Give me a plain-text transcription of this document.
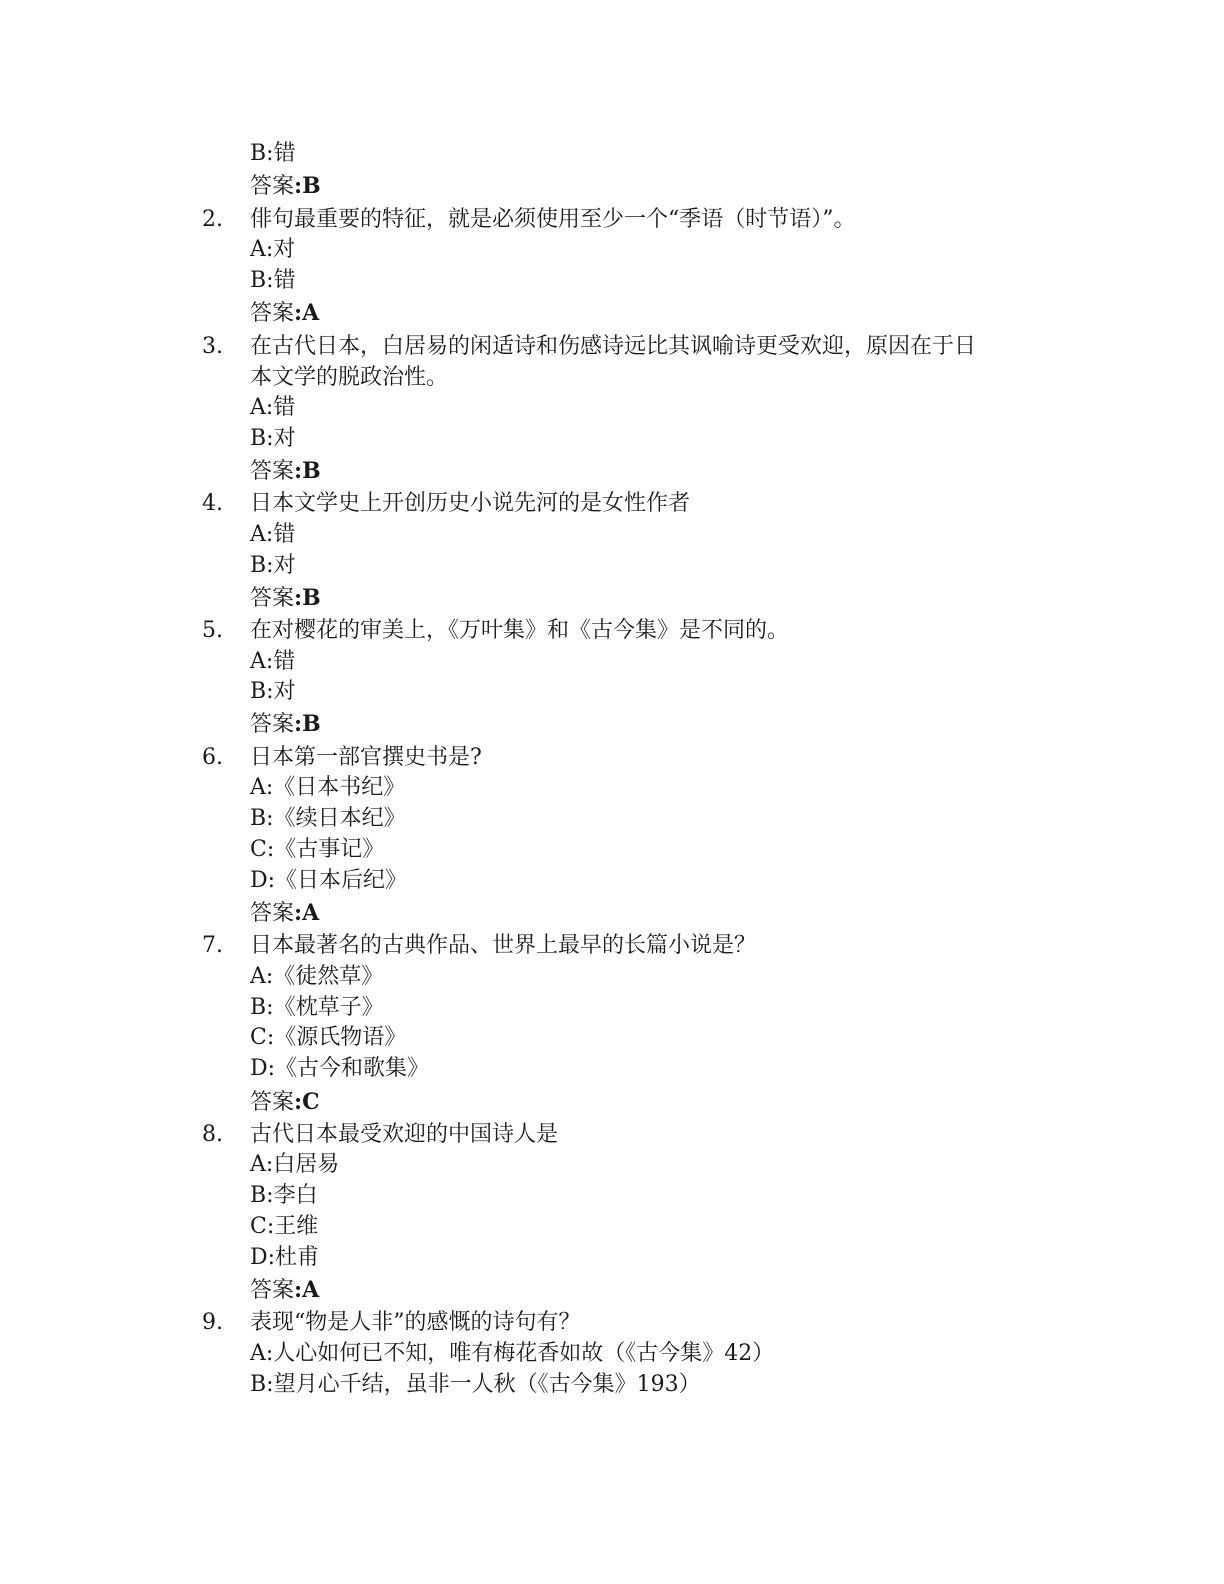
B:错
答案:B
2. 俳句最重要的特征，就是必须使用至少一个“季语（时节语）”。
A:对
B:错
答案:A
3. 在古代日本，白居易的闲适诗和伤感诗远比其讽喻诗更受欢迎，原因在于日
本文学的脱政治性。
A:错
B:对
答案:B
4. 日本文学史上开创历史小说先河的是女性作者
A:错
B:对
答案:B
5. 在对樱花的审美上，《万叶集》和《古今集》是不同的。
A:错
B:对
答案:B
6. 日本第一部官撰史书是?
A:《日本书纪》
B:《续日本纪》
C:《古事记》
D:《日本后纪》
答案:A
7. 日本最著名的古典作品、世界上最早的长篇小说是？
A:《徒然草》
B:《枕草子》
C:《源氏物语》
D:《古今和歌集》
答案:C
8. 古代日本最受欢迎的中国诗人是
A:白居易
B:李白
C:王维
D:杜甫
答案:A
9. 表现“物是人非”的感慨的诗句有？
A:人心如何已不知，唯有梅花香如故（《古今集》42）
B:望月心千结，虽非一人秋（《古今集》193）
